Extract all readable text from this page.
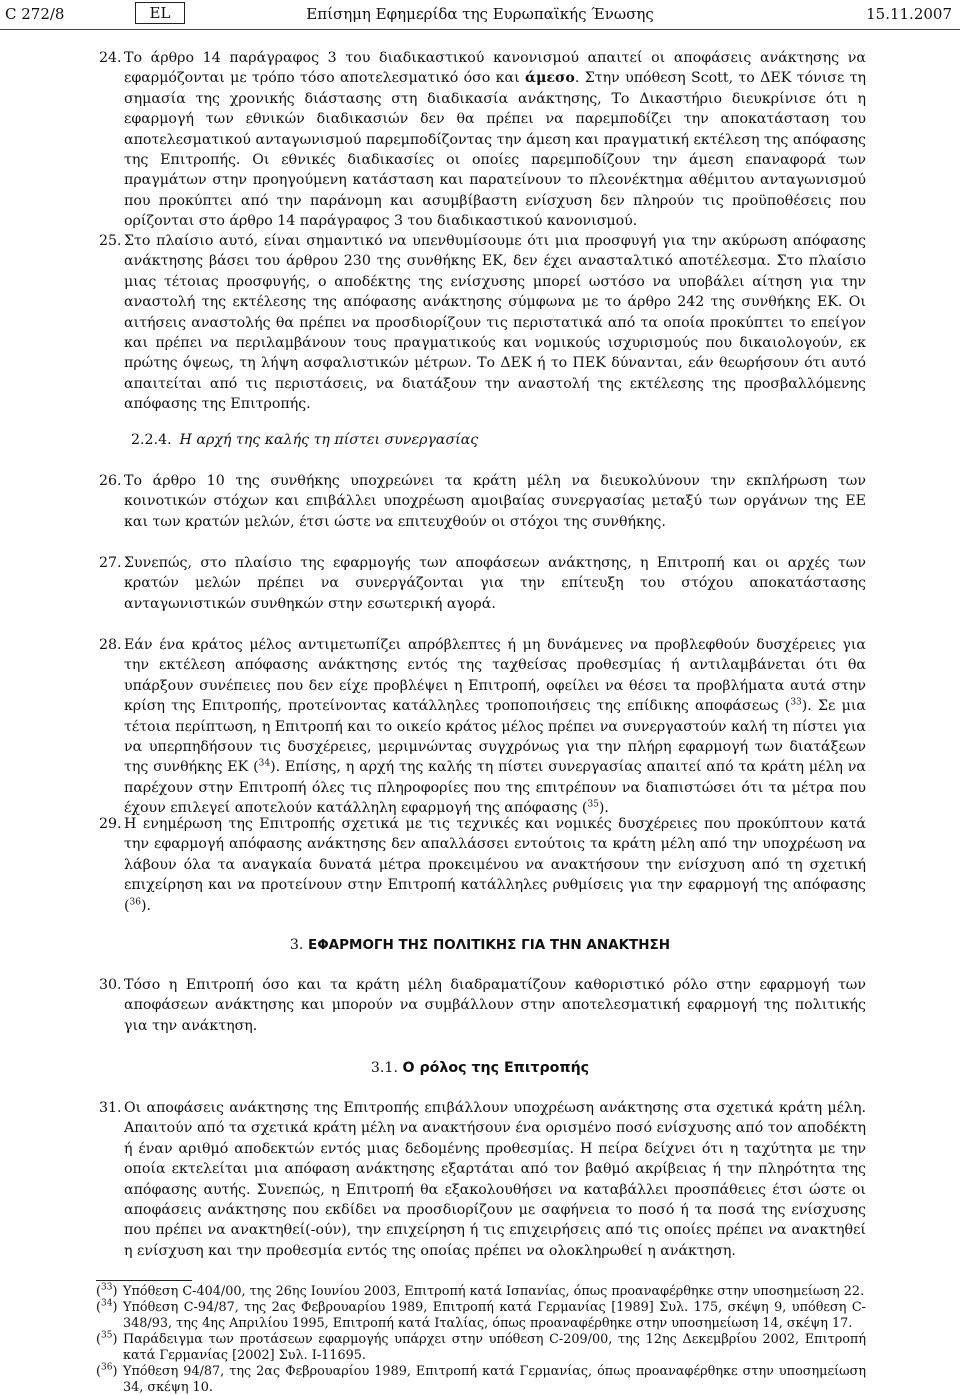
Επίσημη Εφημερίδα της Ευρωπαϊκής Ένωσης
C 272/8	EL	15.11.2007
24. Το άρθρο 14 παράγραφος 3 του διαδικαστικού κανονισμού απαιτεί οι αποφάσεις ανάκτησης να εφαρμόζονται με τρόπο τόσο αποτελεσματικό όσο και άμεσο. Στην υπόθεση Scott, το ΔΕΚ τόνισε τη σημασία της χρονικής διάστασης στη διαδικασία ανάκτησης, Το Δικαστήριο διευκρίνισε ότι η εφαρμογή των εθνικών διαδικασιών δεν θα πρέπει να παρεμποδίζει την αποκατάσταση του αποτελεσματικού ανταγωνισμού παρεμποδίζοντας την άμεση και πραγματική εκτέλεση της απόφασης της Επιτροπής. Οι εθνικές διαδικασίες οι οποίες παρεμποδίζουν την άμεση επαναφορά των πραγμάτων στην προηγούμενη κατάσταση και παρατείνουν το πλεονέκτημα αθέμιτου ανταγωνισμού που προκύπτει από την παράνομη και ασυμβίβαστη ενίσχυση δεν πληρούν τις προϋποθέσεις που ορίζονται στο άρθρο 14 παράγραφος 3 του διαδικαστικού κανονισμού.
25. Στο πλαίσιο αυτό, είναι σημαντικό να υπενθυμίσουμε ότι μια προσφυγή για την ακύρωση απόφασης ανάκτησης βάσει του άρθρου 230 της συνθήκης ΕΚ, δεν έχει ανασταλτικό αποτέλεσμα. Στο πλαίσιο μιας τέτοιας προσφυγής, ο αποδέκτης της ενίσχυσης μπορεί ωστόσο να υποβάλει αίτηση για την αναστολή της εκτέλεσης της απόφασης ανάκτησης σύμφωνα με το άρθρο 242 της συνθήκης ΕΚ. Οι αιτήσεις αναστολής θα πρέπει να προσδιορίζουν τις περιστατικά από τα οποία προκύπτει το επείγον και πρέπει να περιλαμβάνουν τους πραγματικούς και νομικούς ισχυρισμούς που δικαιολογούν, εκ πρώτης όψεως, τη λήψη ασφαλιστικών μέτρων. Το ΔΕΚ ή το ΠΕΚ δύνανται, εάν θεωρήσουν ότι αυτό απαιτείται από τις περιστάσεις, να διατάξουν την αναστολή της εκτέλεσης της προσβαλλόμενης απόφασης της Επιτροπής.
2.2.4. Η αρχή της καλής τη πίστει συνεργασίας
26. Το άρθρο 10 της συνθήκης υποχρεώνει τα κράτη μέλη να διευκολύνουν την εκπλήρωση των κοινοτικών στόχων και επιβάλλει υποχρέωση αμοιβαίας συνεργασίας μεταξύ των οργάνων της ΕΕ και των κρατών μελών, έτσι ώστε να επιτευχθούν οι στόχοι της συνθήκης.
27. Συνεπώς, στο πλαίσιο της εφαρμογής των αποφάσεων ανάκτησης, η Επιτροπή και οι αρχές των κρατών μελών πρέπει να συνεργάζονται για την επίτευξη του στόχου αποκατάστασης ανταγωνιστικών συνθηκών στην εσωτερική αγορά.
28. Εάν ένα κράτος μέλος αντιμετωπίζει απρόβλεπτες ή μη δυνάμενες να προβλεφθούν δυσχέρειες για την εκτέλεση απόφασης ανάκτησης εντός της ταχθείσας προθεσμίας ή αντιλαμβάνεται ότι θα υπάρξουν συνέπειες που δεν είχε προβλέψει η Επιτροπή, οφείλει να θέσει τα προβλήματα αυτά στην κρίση της Επιτροπής, προτείνοντας κατάλληλες τροποποιήσεις της επίδικης αποφάσεως ($^{33}$). Σε μια τέτοια περίπτωση, η Επιτροπή και το οικείο κράτος μέλος πρέπει να συνεργαστούν καλή τη πίστει για να υπερπηδήσουν τις δυσχέρειες, μεριμνώντας συγχρόνως για την πλήρη εφαρμογή των διατάξεων της συνθήκης ΕΚ ($^{34}$). Επίσης, η αρχή της καλής τη πίστει συνεργασίας απαιτεί από τα κράτη μέλη να παρέχουν στην Επιτροπή όλες τις πληροφορίες που της επιτρέπουν να διαπιστώσει ότι τα μέτρα που έχουν επιλεγεί αποτελούν κατάλληλη εφαρμογή της απόφασης ($^{35}$).
29. Η ενημέρωση της Επιτροπής σχετικά με τις τεχνικές και νομικές δυσχέρειες που προκύπτουν κατά την εφαρμογή απόφασης ανάκτησης δεν απαλλάσσει εντούτοις τα κράτη μέλη από την υποχρέωση να λάβουν όλα τα αναγκαία δυνατά μέτρα προκειμένου να ανακτήσουν την ενίσχυση από τη σχετική επιχείρηση και να προτείνουν στην Επιτροπή κατάλληλες ρυθμίσεις για την εφαρμογή της απόφασης ($^{36}$).
3. ΕΦΑΡΜΟΓΗ ΤΗΣ ΠΟΛΙΤΙΚΗΣ ΓΙΑ ΤΗΝ ΑΝΑΚΤΗΣΗ
30. Τόσο η Επιτροπή όσο και τα κράτη μέλη διαδραματίζουν καθοριστικό ρόλο στην εφαρμογή των αποφάσεων ανάκτησης και μπορούν να συμβάλλουν στην αποτελεσματική εφαρμογή της πολιτικής για την ανάκτηση.
3.1. Ο ρόλος της Επιτροπής
31. Οι αποφάσεις ανάκτησης της Επιτροπής επιβάλλουν υποχρέωση ανάκτησης στα σχετικά κράτη μέλη. Απαιτούν από τα σχετικά κράτη μέλη να ανακτήσουν ένα ορισμένο ποσό ενίσχυσης από τον αποδέκτη ή έναν αριθμό αποδεκτών εντός μιας δεδομένης προθεσμίας. Η πείρα δείχνει ότι η ταχύτητα με την οποία εκτελείται μια απόφαση ανάκτησης εξαρτάται από τον βαθμό ακρίβειας ή την πληρότητα της απόφασης αυτής. Συνεπώς, η Επιτροπή θα εξακολουθήσει να καταβάλλει προσπάθειες έτσι ώστε οι αποφάσεις ανάκτησης που εκδίδει να προσδιορίζουν με σαφήνεια το ποσό ή τα ποσά της ενίσχυσης που πρέπει να ανακτηθεί(-ούν), την επιχείρηση ή τις επιχειρήσεις από τις οποίες πρέπει να ανακτηθεί η ενίσχυση και την προθεσμία εντός της οποίας πρέπει να ολοκληρωθεί η ανάκτηση.
($^{33}$) Υπόθεση C-404/00, της 26ης Ιουνίου 2003, Επιτροπή κατά Ισπανίας, όπως προαναφέρθηκε στην υποσημείωση 22.
($^{34}$) Υπόθεση C-94/87, της 2ας Φεβρουαρίου 1989, Επιτροπή κατά Γερμανίας [1989] Συλ. 175, σκέψη 9, υπόθεση C-348/93, της 4ης Απριλίου 1995, Επιτροπή κατά Ιταλίας, όπως προαναφέρθηκε στην υποσημείωση 14, σκέψη 17.
($^{35}$) Παράδειγμα των προτάσεων εφαρμογής υπάρχει στην υπόθεση C-209/00, της 12ης Δεκεμβρίου 2002, Επιτροπή κατά Γερμανίας [2002] Συλ. I-11695.
($^{36}$) Υπόθεση 94/87, της 2ας Φεβρουαρίου 1989, Επιτροπή κατά Γερμανίας, όπως προαναφέρθηκε στην υποσημείωση 34, σκέψη 10.
